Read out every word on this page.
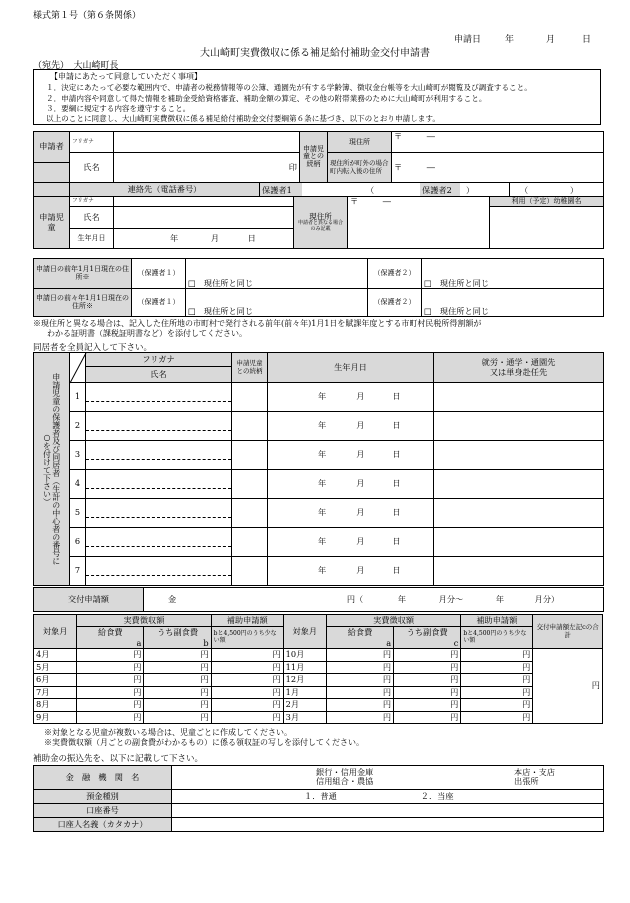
様式第１号（第６条関係）
申請日	年	月	日
大山崎町実費徴収に係る補足給付補助金交付申請書
（宛先）　大山崎町長
【申請にあたって同意していただく事項】
１．決定にあたって必要な範囲内で、申請者の税務情報等の公簿、通園先が有する学齢簿、徴収金台帳等を大山崎町が閲覧及び調査すること。
２．申請内容や同意して得た情報を補助金受給資格審査、補助金額の算定、その他の附帯業務のために大山崎町が利用すること。
３．要綱に規定する内容を遵守すること。
以上のことに同意し、大山崎町実費徴収に係る補足給付補助金交付要綱第６条に基づき、以下のとおり申請します。
申請者	フリガナ			申請児童との続柄	現住所	〒　　　 ―	
	氏名	印			現住所が町外の場合町内転入後の住所	〒　　　 ―	

	連絡先（電話番号）		保護者1 （ ）				保護者2 （ ）
申請児童	フリガナ		現住所
申請者と異なる場合のみ記載	〒　　　 ―	利用（予定）幼稚園名
	氏名				
	生年月日	年 月 日			
申請日の前年1月1日現在の住所※	（保護者１）	□　現住所と同じ	（保護者２）	□　現住所と同じ
申請日の前々年1月1日現在の住所※	（保護者１）	□　現住所と同じ	（保護者２）	□　現住所と同じ
※現住所と異なる場合は、記入した住所地の市町村で発行される前年(前々年)1月1日を賦課年度とする市町村民税所得割額が
わかる証明書（課税証明書など）を添付してください。
同居者を全員記入して下さい。
申請児童の保護者及び同居者（生計の中心者の番号に○を付けて下さい）		フリガナ	申請児童との続柄	生年月日	就労・通学・通園先
又は単身赴任先

		氏名			
	1			年 月 日	
	2			年 月 日	
	3			年 月 日	
	4			年 月 日	
	5			年 月 日	
	6			年 月 日	
	7			年 月 日	
交付申請額	金	円（	年	月分～	年	月分）
対象月	実費徴収額		補助申請額	対象月	実費徴収額		補助申請額	交付申請額左記cの合計
	給食費	うち副食費	bと4,500円のうち少ない額		給食費	うち副食費	bと4,500円のうち少ない額	
	a	b			a	c		
4月	円	円	円	10月	円	円	円	円
5月	円	円	円	11月	円	円	円	
6月	円	円	円	12月	円	円	円	
7月	円	円	円	1月	円	円	円	
8月	円	円	円	2月	円	円	円	
9月	円	円	円	3月	円	円	円	
※対象となる児童が複数いる場合は、児童ごとに作成してください。
※実費徴収額（月ごとの副食費がわかるもの）に係る領収証の写しを添付してください。
補助金の振込先を、以下に記載して下さい。
金　融　機　関　名	銀行・信用金庫
信用組合・農協
本店・支店
出張所

預金種別	１．普通 ２．当座
口座番号	
口座人名義（カタカナ）	
